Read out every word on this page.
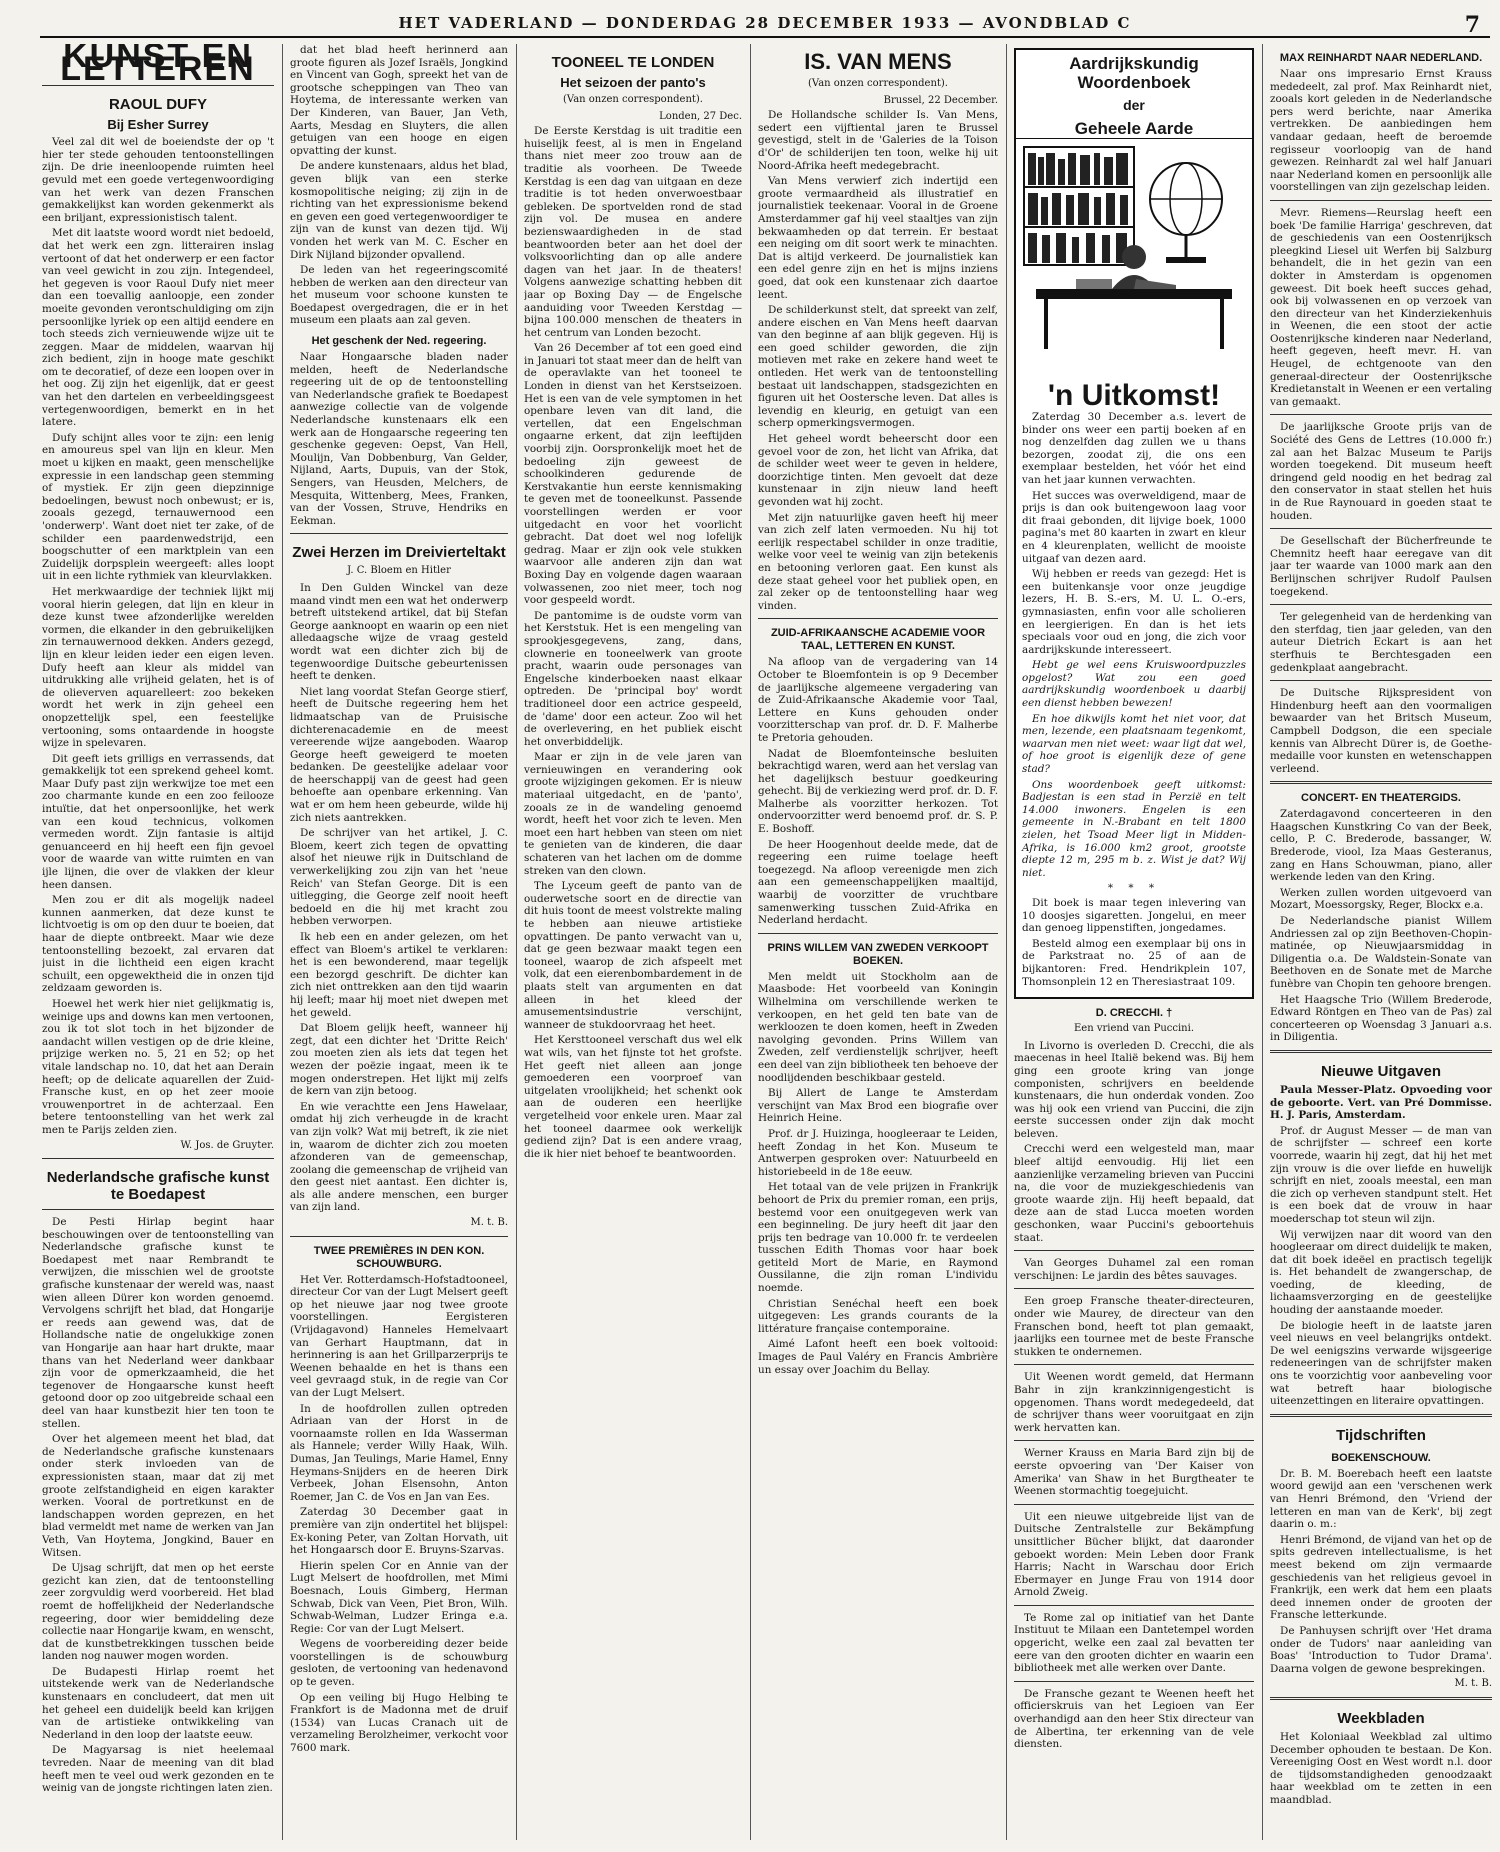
HET VADERLAND — DONDERDAG 28 DECEMBER 1933 — AVONDBLAD C	7
KUNST EN LETTEREN
RAOUL DUFY
Bij Esher Surrey

Veel zal dit wel de boeiendste der op 't hier ter stede gehouden tentoonstellingen zijn. De drie ineenloopende ruimten heel gevuld met een goede vertegenwoordiging van het werk van dezen Franschen gemakkelijkst kan worden gekenmerkt als een briljant, expressionistisch talent.

Met dit laatste woord wordt niet bedoeld, dat het werk een zgn. litterairen inslag vertoont of dat het onderwerp er een factor van veel gewicht in zou zijn. Integendeel, het gegeven is voor Raoul Dufy niet meer dan een toevallig aanloopje, een zonder moeite gevonden verontschuldiging om zijn persoonlijke lyriek op een altijd eendere en toch steeds zich vernieuwende wijze uit te zeggen. Maar de middelen, waarvan hij zich bedient, zijn in hooge mate geschikt om te decoratief, of deze een loopen over in het oog. Zij zijn het eigenlijk, dat er geest van het den dartelen en verbeeldingsgeest vertegenwoordigen, bemerkt en in het latere.

Dufy schijnt alles voor te zijn: een lenig en amoureus spel van lijn en kleur. Men moet u kijken en maakt, geen menschelijke expressie in een landschap geen stemming of mystiek. Er zijn geen diepzinnige bedoelingen, bewust noch onbewust; er is, zooals gezegd, ternauwernood een 'onderwerp'. Want doet niet ter zake, of de schilder een paardenwedstrijd, een boogschutter of een marktplein van een Zuidelijk dorpsplein weergeeft: alles loopt uit in een lichte rythmiek van kleurvlakken.

Het merkwaardige der techniek lijkt mij vooral hierin gelegen, dat lijn en kleur in deze kunst twee afzonderlijke werelden vormen, die elkander in den gebruikelijken zin ternauwernood dekken. Anders gezegd, lijn en kleur leiden ieder een eigen leven. Dufy heeft aan kleur als middel van uitdrukking alle vrijheid gelaten, het is of de olieverven aquarelleert: zoo bekeken wordt het werk in zijn geheel een onopzettelijk spel, een feestelijke vertooning, soms ontaardende in hoogste wijze in spelevaren.

Dit geeft iets grilligs en verrassends, dat gemakkelijk tot een sprekend geheel komt. Maar Dufy past zijn werkwijze toe met een zoo charmante kunde en een zoo feilooze intuïtie, dat het onpersoonlijke, het werk van een koud technicus, volkomen vermeden wordt. Zijn fantasie is altijd genuanceerd en hij heeft een fijn gevoel voor de waarde van witte ruimten en van ijle lijnen, die over de vlakken der kleur heen dansen.

Men zou er dit als mogelijk nadeel kunnen aanmerken, dat deze kunst te lichtvoetig is om op den duur te boeien, dat haar de diepte ontbreekt. Maar wie deze tentoonstelling bezoekt, zal ervaren dat juist in die lichtheid een eigen kracht schuilt, een opgewektheid die in onzen tijd zeldzaam geworden is.

Hoewel het werk hier niet gelijkmatig is, weinige ups and downs kan men vertoonen, zou ik tot slot toch in het bijzonder de aandacht willen vestigen op de drie kleine, prijzige werken no. 5, 21 en 52; op het vitale landschap no. 10, dat het aan Derain heeft; op de delicate aquarellen der Zuid-Fransche kust, en op het zeer mooie vrouwenportret in de achterzaal. Een betere tentoonstelling van het werk zal men te Parijs zelden zien.

W. Jos. de Gruyter.

Nederlandsche grafische kunst te Boedapest

De Pesti Hirlap begint haar beschouwingen over de tentoonstelling van Nederlandsche grafische kunst te Boedapest met naar Rembrandt te verwijzen, die misschien wel de grootste grafische kunstenaar der wereld was, naast wien alleen Dürer kon worden genoemd. Vervolgens schrijft het blad, dat Hongarije er reeds aan gewend was, dat de Hollandsche natie de ongelukkige zonen van Hongarije aan haar hart drukte, maar thans van het Nederland weer dankbaar zijn voor de opmerkzaamheid, die het tegenover de Hongaarsche kunst heeft getoond door op zoo uitgebreide schaal een deel van haar kunstbezit hier ten toon te stellen.

Over het algemeen meent het blad, dat de Nederlandsche grafische kunstenaars onder sterk invloeden van de expressionisten staan, maar dat zij met groote zelfstandigheid en eigen karakter werken. Vooral de portretkunst en de landschappen worden geprezen, en het blad vermeldt met name de werken van Jan Veth, Van Hoytema, Jongkind, Bauer en Witsen.

De Ujsag schrijft, dat men op het eerste gezicht kan zien, dat de tentoonstelling zeer zorgvuldig werd voorbereid. Het blad roemt de hoffelijkheid der Nederlandsche regeering, door wier bemiddeling deze collectie naar Hongarije kwam, en wenscht, dat de kunstbetrekkingen tusschen beide landen nog nauwer mogen worden.

De Budapesti Hirlap roemt het uitstekende werk van de Nederlandsche kunstenaars en concludeert, dat men uit het geheel een duidelijk beeld kan krijgen van de artistieke ontwikkeling van Nederland in den loop der laatste eeuw.

De Magyarsag is niet heelemaal tevreden. Naar de meening van dit blad heeft men te veel oud werk gezonden en te weinig van de jongste richtingen laten zien.

dat het blad heeft herinnerd aan groote figuren als Jozef Israëls, Jongkind en Vincent van Gogh, spreekt het van de grootsche scheppingen van Theo van Hoytema, de interessante werken van Der Kinderen, van Bauer, Jan Veth, Aarts, Mesdag en Sluyters, die allen getuigen van een hooge en eigen opvatting der kunst.

De andere kunstenaars, aldus het blad, geven blijk van een sterke kosmopolitische neiging; zij zijn in de richting van het expressionisme bekend en geven een goed vertegenwoordiger te zijn van de kunst van dezen tijd. Wij vonden het werk van M. C. Escher en Dirk Nijland bijzonder opvallend.

De leden van het regeeringscomité hebben de werken aan den directeur van het museum voor schoone kunsten te Boedapest overgedragen, die er in het museum een plaats aan zal geven.

Het geschenk der Ned. regeering.

Naar Hongaarsche bladen nader melden, heeft de Nederlandsche regeering uit de op de tentoonstelling van Nederlandsche grafiek te Boedapest aanwezige collectie van de volgende Nederlandsche kunstenaars elk een werk aan de Hongaarsche regeering ten geschenke gegeven: Oepst, Van Hell, Moulijn, Van Dobbenburg, Van Gelder, Nijland, Aarts, Dupuis, van der Stok, Sengers, van Heusden, Melchers, de Mesquita, Wittenberg, Mees, Franken, van der Vossen, Struve, Hendriks en Eekman.

Zwei Herzen im Dreivierteltakt
J. C. Bloem en Hitler

In Den Gulden Winckel van deze maand vindt men een wat het onderwerp betreft uitstekend artikel, dat bij Stefan George aanknoopt en waarin op een niet alledaagsche wijze de vraag gesteld wordt wat een dichter zich bij de tegenwoordige Duitsche gebeurtenissen heeft te denken.

Niet lang voordat Stefan George stierf, heeft de Duitsche regeering hem het lidmaatschap van de Pruisische dichterenacademie en de meest vereerende wijze aangeboden. Waarop George heeft geweigerd te moeten bedanken. De geestelijke adelaar voor de heerschappij van de geest had geen behoefte aan openbare erkenning. Van wat er om hem heen gebeurde, wilde hij zich niets aantrekken.

De schrijver van het artikel, J. C. Bloem, keert zich tegen de opvatting alsof het nieuwe rijk in Duitschland de verwerkelijking zou zijn van het 'neue Reich' van Stefan George. Dit is een uitlegging, die George zelf nooit heeft bedoeld en die hij met kracht zou hebben verworpen.

Ik heb een en ander gelezen, om het effect van Bloem's artikel te verklaren: het is een bewonderend, maar tegelijk een bezorgd geschrift. De dichter kan zich niet onttrekken aan den tijd waarin hij leeft; maar hij moet niet dwepen met het geweld.

Dat Bloem gelijk heeft, wanneer hij zegt, dat een dichter het 'Dritte Reich' zou moeten zien als iets dat tegen het wezen der poëzie ingaat, meen ik te mogen onderstrepen. Het lijkt mij zelfs de kern van zijn betoog.

En wie verachtte een Jens Hawelaar, omdat hij zich verheugde in de kracht van zijn volk? Wat mij betreft, ik zie niet in, waarom de dichter zich zou moeten afzonderen van de gemeenschap, zoolang die gemeenschap de vrijheid van den geest niet aantast. Een dichter is, als alle andere menschen, een burger van zijn land.

M. t. B.

TWEE PREMIÈRES IN DEN KON. SCHOUWBURG.

Het Ver. Rotterdamsch-Hofstadtooneel, directeur Cor van der Lugt Melsert geeft op het nieuwe jaar nog twee groote voorstellingen. Eergisteren (Vrijdagavond) Hanneles Hemelvaart van Gerhart Hauptmann, dat in herinnering is aan het Grillparzerprijs te Weenen behaalde en het is thans een veel gevraagd stuk, in de regie van Cor van der Lugt Melsert.

In de hoofdrollen zullen optreden Adriaan van der Horst in de voornaamste rollen en Ida Wasserman als Hannele; verder Willy Haak, Wilh. Dumas, Jan Teulings, Marie Hamel, Enny Heymans-Snijders en de heeren Dirk Verbeek, Johan Elsensohn, Anton Roemer, Jan C. de Vos en Jan van Ees.

Zaterdag 30 December gaat in première van zijn ondertitel het blijspel: Ex-koning Peter, van Zoltan Horvath, uit het Hongaarsch door E. Bruyns-Szarvas.

Hierin spelen Cor en Annie van der Lugt Melsert de hoofdrollen, met Mimi Boesnach, Louis Gimberg, Herman Schwab, Dick van Veen, Piet Bron, Wilh. Schwab-Welman, Ludzer Eringa e.a. Regie: Cor van der Lugt Melsert.

Wegens de voorbereiding dezer beide voorstellingen is de schouwburg gesloten, de vertooning van hedenavond op te geven.

Op een veiling bij Hugo Helbing te Frankfort is de Madonna met de druif (1534) van Lucas Cranach uit de verzameling Berolzheimer, verkocht voor 7600 mark.

TOONEEL TE LONDEN
Het seizoen der panto's
(Van onzen correspondent).
Londen, 27 Dec.

De Eerste Kerstdag is uit traditie een huiselijk feest, al is men in Engeland thans niet meer zoo trouw aan de traditie als voorheen. De Tweede Kerstdag is een dag van uitgaan en deze traditie is tot heden onverwoestbaar gebleken. De sportvelden rond de stad zijn vol. De musea en andere bezienswaardigheden in de stad beantwoorden beter aan het doel der volksvoorlichting dan op alle andere dagen van het jaar. In de theaters! Volgens aanwezige schatting hebben dit jaar op Boxing Day — de Engelsche aanduiding voor Tweeden Kerstdag — bijna 100.000 menschen de theaters in het centrum van Londen bezocht.

Van 26 December af tot een goed eind in Januari tot staat meer dan de helft van de operavlakte van het tooneel te Londen in dienst van het Kerstseizoen. Het is een van de vele symptomen in het openbare leven van dit land, die vertellen, dat een Engelschman ongaarne erkent, dat zijn leeftijden voorbij zijn. Oorspronkelijk moet het de bedoeling zijn geweest de schoolkinderen gedurende de Kerstvakantie hun eerste kennismaking te geven met de tooneelkunst. Passende voorstellingen werden er voor uitgedacht en voor het voorlicht gebracht. Dat doet wel nog lofelijk gedrag. Maar er zijn ook vele stukken waarvoor alle anderen zijn dan wat Boxing Day en volgende dagen waaraan volwassenen, zoo niet meer, toch nog voor gespeeld wordt.

De pantomime is de oudste vorm van het Kerststuk. Het is een mengeling van sprookjesgegevens, zang, dans, clownerie en tooneelwerk van groote pracht, waarin oude personages van Engelsche kinderboeken naast elkaar optreden. De 'principal boy' wordt traditioneel door een actrice gespeeld, de 'dame' door een acteur. Zoo wil het de overlevering, en het publiek eischt het onverbiddelijk.

Maar er zijn in de vele jaren van vernieuwingen en verandering ook groote wijzigingen gekomen. Er is nieuw materiaal uitgedacht, en de 'panto', zooals ze in de wandeling genoemd wordt, heeft het voor zich te leven. Men moet een hart hebben van steen om niet te genieten van de kinderen, die daar schateren van het lachen om de domme streken van den clown.

The Lyceum geeft de panto van de ouderwetsche soort en de directie van dit huis toont de meest volstrekte maling te hebben aan nieuwe artistieke opvattingen. De panto verwacht van u, dat ge geen bezwaar maakt tegen een tooneel, waarop de zich afspeelt met volk, dat een eierenbombardement in de plaats stelt van argumenten en dat alleen in het kleed der amusementsindustrie verschijnt, wanneer de stukdoorvraag het heet.

Het Kersttooneel verschaft dus wel elk wat wils, van het fijnste tot het grofste. Het geeft niet alleen aan jonge gemoederen een voorproef van uitgelaten vroolijkheid; het schenkt ook aan de ouderen een heerlijke vergetelheid voor enkele uren. Maar zal het tooneel daarmee ook werkelijk gediend zijn? Dat is een andere vraag, die ik hier niet behoef te beantwoorden.

IS. VAN MENS
(Van onzen correspondent).
Brussel, 22 December.

De Hollandsche schilder Is. Van Mens, sedert een vijftiental jaren te Brussel gevestigd, stelt in de 'Galeries de la Toison d'Or' de schilderijen ten toon, welke hij uit Noord-Afrika heeft medegebracht.

Van Mens verwierf zich indertijd een groote vermaardheid als illustratief en journalistiek teekenaar. Vooral in de Groene Amsterdammer gaf hij veel staaltjes van zijn bekwaamheden op dat terrein. Er bestaat een neiging om dit soort werk te minachten. Dat is altijd verkeerd. De journalistiek kan een edel genre zijn en het is mijns inziens goed, dat ook een kunstenaar zich daartoe leent.

De schilderkunst stelt, dat spreekt van zelf, andere eischen en Van Mens heeft daarvan van den beginne af aan blijk gegeven. Hij is een goed schilder geworden, die zijn motieven met rake en zekere hand weet te ontleden. Het werk van de tentoonstelling bestaat uit landschappen, stadsgezichten en figuren uit het Oostersche leven. Dat alles is levendig en kleurig, en getuigt van een scherp opmerkingsvermogen.

Het geheel wordt beheerscht door een gevoel voor de zon, het licht van Afrika, dat de schilder weet weer te geven in heldere, doorzichtige tinten. Men gevoelt dat deze kunstenaar in zijn nieuw land heeft gevonden wat hij zocht.

Met zijn natuurlijke gaven heeft hij meer van zich zelf laten vermoeden. Nu hij tot eerlijk respectabel schilder in onze traditie, welke voor veel te weinig van zijn betekenis en betooning verloren gaat. Een kunst als deze staat geheel voor het publiek open, en zal zeker op de tentoonstelling haar weg vinden.

ZUID-AFRIKAANSCHE ACADEMIE VOOR TAAL, LETTEREN EN KUNST.

Na afloop van de vergadering van 14 October te Bloemfontein is op 9 December de jaarlijksche algemeene vergadering van de Zuid-Afrikaansche Akademie voor Taal, Lettere en Kuns gehouden onder voorzitterschap van prof. dr. D. F. Malherbe te Pretoria gehouden.

Nadat de Bloemfonteinsche besluiten bekrachtigd waren, werd aan het verslag van het dagelijksch bestuur goedkeuring gehecht. Bij de verkiezing werd prof. dr. D. F. Malherbe als voorzitter herkozen. Tot ondervoorzitter werd benoemd prof. dr. S. P. E. Boshoff.

De heer Hoogenhout deelde mede, dat de regeering een ruime toelage heeft toegezegd. Na afloop vereenigde men zich aan een gemeenschappelijken maaltijd, waarbij de voorzitter de vruchtbare samenwerking tusschen Zuid-Afrika en Nederland herdacht.

PRINS WILLEM VAN ZWEDEN VERKOOPT BOEKEN.

Men meldt uit Stockholm aan de Maasbode: Het voorbeeld van Koningin Wilhelmina om verschillende werken te verkoopen, en het geld ten bate van de werkloozen te doen komen, heeft in Zweden navolging gevonden. Prins Willem van Zweden, zelf verdienstelijk schrijver, heeft een deel van zijn bibliotheek ten behoeve der noodlijdenden beschikbaar gesteld.

Bij Allert de Lange te Amsterdam verschijnt van Max Brod een biografie over Heinrich Heine.

Prof. dr J. Huizinga, hoogleeraar te Leiden, heeft Zondag in het Kon. Museum te Antwerpen gesproken over: Natuurbeeld en historiebeeld in de 18e eeuw.

Het totaal van de vele prijzen in Frankrijk behoort de Prix du premier roman, een prijs, bestemd voor een onuitgegeven werk van een beginneling. De jury heeft dit jaar den prijs ten bedrage van 10.000 fr. te verdeelen tusschen Edith Thomas voor haar boek getiteld Mort de Marie, en Raymond Oussilanne, die zijn roman L'individu noemde.

Christian Senéchal heeft een boek uitgegeven: Les grands courants de la littérature française contemporaine.

Aimé Lafont heeft een boek voltooid: Images de Paul Valéry en Francis Ambrière un essay over Joachim du Bellay.

Aardrijkskundig Woordenboek
der
Geheele Aarde
'n Uitkomst!

Zaterdag 30 December a.s. levert de binder ons weer een partij boeken af en nog denzelfden dag zullen we u thans bezorgen, zoodat zij, die ons een exemplaar bestelden, het vóór het eind van het jaar kunnen verwachten.

Het succes was overweldigend, maar de prijs is dan ook buitengewoon laag voor dit fraai gebonden, dit lijvige boek, 1000 pagina's met 80 kaarten in zwart en kleur en 4 kleurenplaten, wellicht de mooiste uitgaaf van dezen aard.

Wij hebben er reeds van gezegd: Het is een buitenkansje voor onze jeugdige lezers, H. B. S.-ers, M. U. L. O.-ers, gymnasiasten, enfin voor alle scholieren en leergierigen. En dan is het iets speciaals voor oud en jong, die zich voor aardrijkskunde interesseert.

Hebt ge wel eens Kruiswoordpuzzles opgelost? Wat zou een goed aardrijkskundig woordenboek u daarbij een dienst hebben bewezen!

En hoe dikwijls komt het niet voor, dat men, lezende, een plaatsnaam tegenkomt, waarvan men niet weet: waar ligt dat wel, of hoe groot is eigenlijk deze of gene stad?

Ons woordenboek geeft uitkomst: Badjestan is een stad in Perzië en telt 14.000 inwoners. Engelen is een gemeente in N.-Brabant en telt 1800 zielen, het Tsoad Meer ligt in Midden-Afrika, is 16.000 km2 groot, grootste diepte 12 m, 295 m b. z. Wist je dat? Wij niet.

* * *

Dit boek is maar tegen inlevering van 10 doosjes sigaretten. Jongelui, en meer dan genoeg lippenstiften, jongedames.

Besteld almog een exemplaar bij ons in de Parkstraat no. 25 of aan de bijkantoren: Fred. Hendrikplein 107, Thomsonplein 12 en Theresiastraat 109.

D. CRECCHI. †
Een vriend van Puccini.

In Livorno is overleden D. Crecchi, die als maecenas in heel Italië bekend was. Bij hem ging een groote kring van jonge componisten, schrijvers en beeldende kunstenaars, die hun onderdak vonden. Zoo was hij ook een vriend van Puccini, die zijn eerste successen onder zijn dak mocht beleven.

Crecchi werd een welgesteld man, maar bleef altijd eenvoudig. Hij liet een aanzienlijke verzameling brieven van Puccini na, die voor de muziekgeschiedenis van groote waarde zijn. Hij heeft bepaald, dat deze aan de stad Lucca moeten worden geschonken, waar Puccini's geboortehuis staat.

Van Georges Duhamel zal een roman verschijnen: Le jardin des bêtes sauvages.

Een groep Fransche theater-directeuren, onder wie Maurey, de directeur van den Franschen bond, heeft tot plan gemaakt, jaarlijks een tournee met de beste Fransche stukken te ondernemen.

Uit Weenen wordt gemeld, dat Hermann Bahr in zijn krankzinnigengesticht is opgenomen. Thans wordt medegedeeld, dat de schrijver thans weer vooruitgaat en zijn werk hervatten kan.

Werner Krauss en Maria Bard zijn bij de eerste opvoering van 'Der Kaiser von Amerika' van Shaw in het Burgtheater te Weenen stormachtig toegejuicht.

Uit een nieuwe uitgebreide lijst van de Duitsche Zentralstelle zur Bekämpfung unsittlicher Bücher blijkt, dat daaronder geboekt worden: Mein Leben door Frank Harris; Nacht in Warschau door Erich Ebermayer en Junge Frau von 1914 door Arnold Zweig.

Te Rome zal op initiatief van het Dante Instituut te Milaan een Dantetempel worden opgericht, welke een zaal zal bevatten ter eere van den grooten dichter en waarin een bibliotheek met alle werken over Dante.

De Fransche gezant te Weenen heeft het officierskruis van het Legioen van Eer overhandigd aan den heer Stix directeur van de Albertina, ter erkenning van de vele diensten.

MAX REINHARDT NAAR NEDERLAND.

Naar ons impresario Ernst Krauss mededeelt, zal prof. Max Reinhardt niet, zooals kort geleden in de Nederlandsche pers werd berichte, naar Amerika vertrekken. De aanbiedingen hem vandaar gedaan, heeft de beroemde regisseur voorloopig van de hand gewezen. Reinhardt zal wel half Januari naar Nederland komen en persoonlijk alle voorstellingen van zijn gezelschap leiden.

Mevr. Riemens—Reurslag heeft een boek 'De familie Harriga' geschreven, dat de geschiedenis van een Oostenrijksch pleegkind Liesel uit Werfen bij Salzburg behandelt, die in het gezin van een dokter in Amsterdam is opgenomen geweest. Dit boek heeft succes gehad, ook bij volwassenen en op verzoek van den directeur van het Kinderziekenhuis in Weenen, die een stoot der actie Oostenrijksche kinderen naar Nederland, heeft gegeven, heeft mevr. H. van Heugel, de echtgenoote van den generaal-directeur der Oostenrijksche Kredietanstalt in Weenen er een vertaling van gemaakt.

De jaarlijksche Groote prijs van de Société des Gens de Lettres (10.000 fr.) zal aan het Balzac Museum te Parijs worden toegekend. Dit museum heeft dringend geld noodig en het bedrag zal den conservator in staat stellen het huis in de Rue Raynouard in goeden staat te houden.

De Gesellschaft der Bücherfreunde te Chemnitz heeft haar eeregave van dit jaar ter waarde van 1000 mark aan den Berlijnschen schrijver Rudolf Paulsen toegekend.

Ter gelegenheid van de herdenking van den sterfdag, tien jaar geleden, van den auteur Dietrich Eckart is aan het sterfhuis te Berchtesgaden een gedenkplaat aangebracht.

De Duitsche Rijkspresident von Hindenburg heeft aan den voormaligen bewaarder van het Britsch Museum, Campbell Dodgson, die een speciale kennis van Albrecht Dürer is, de Goethe-medaille voor kunsten en wetenschappen verleend.

CONCERT- EN THEATERGIDS.

Zaterdagavond concerteeren in den Haagschen Kunstkring Co van der Beek, cello, P. C. Brederode, bassanger, W. Brederode, viool, Iza Maas Gesteranus, zang en Hans Schouwman, piano, aller werkende leden van den Kring.

Werken zullen worden uitgevoerd van Mozart, Moessorgsky, Reger, Blockx e.a.

De Nederlandsche pianist Willem Andriessen zal op zijn Beethoven-Chopin-matinée, op Nieuwjaarsmiddag in Diligentia o.a. De Waldstein-Sonate van Beethoven en de Sonate met de Marche funèbre van Chopin ten gehoore brengen.

Het Haagsche Trio (Willem Brederode, Edward Röntgen en Theo van de Pas) zal concerteeren op Woensdag 3 Januari a.s. in Diligentia.

Nieuwe Uitgaven

Paula Messer-Platz. Opvoeding voor de geboorte. Vert. van Pré Dommisse. H. J. Paris, Amsterdam.

Prof. dr August Messer — de man van de schrijfster — schreef een korte voorrede, waarin hij zegt, dat hij het met zijn vrouw is die over liefde en huwelijk schrijft en niet, zooals meestal, een man die zich op verheven standpunt stelt. Het is een boek dat de vrouw in haar moederschap tot steun wil zijn.

Wij verwijzen naar dit woord van den hoogleeraar om direct duidelijk te maken, dat dit boek ideëel en practisch tegelijk is. Het behandelt de zwangerschap, de voeding, de kleeding, de lichaamsverzorging en de geestelijke houding der aanstaande moeder.

De biologie heeft in de laatste jaren veel nieuws en veel belangrijks ontdekt. De wel eenigszins verwarde wijsgeerige redeneeringen van de schrijfster maken ons te voorzichtig voor aanbeveling voor wat betreft haar biologische uiteenzettingen en literaire opvattingen.

Tijdschriften
BOEKENSCHOUW.

Dr. B. M. Boerebach heeft een laatste woord gewijd aan een 'verschenen werk van Henri Brémond, den 'Vriend der letteren en man van de Kerk', bij zegt daarin o. m.:

Henri Brémond, de vijand van het op de spits gedreven intellectualisme, is het meest bekend om zijn vermaarde geschiedenis van het religieus gevoel in Frankrijk, een werk dat hem een plaats deed innemen onder de grooten der Fransche letterkunde.

De Panhuysen schrijft over 'Het drama onder de Tudors' naar aanleiding van Boas' 'Introduction to Tudor Drama'. Daarna volgen de gewone besprekingen.

M. t. B.

Weekbladen

Het Koloniaal Weekblad zal ultimo December ophouden te bestaan. De Kon. Vereeniging Oost en West wordt n.l. door de tijdsomstandigheden genoodzaakt haar weekblad om te zetten in een maandblad.
